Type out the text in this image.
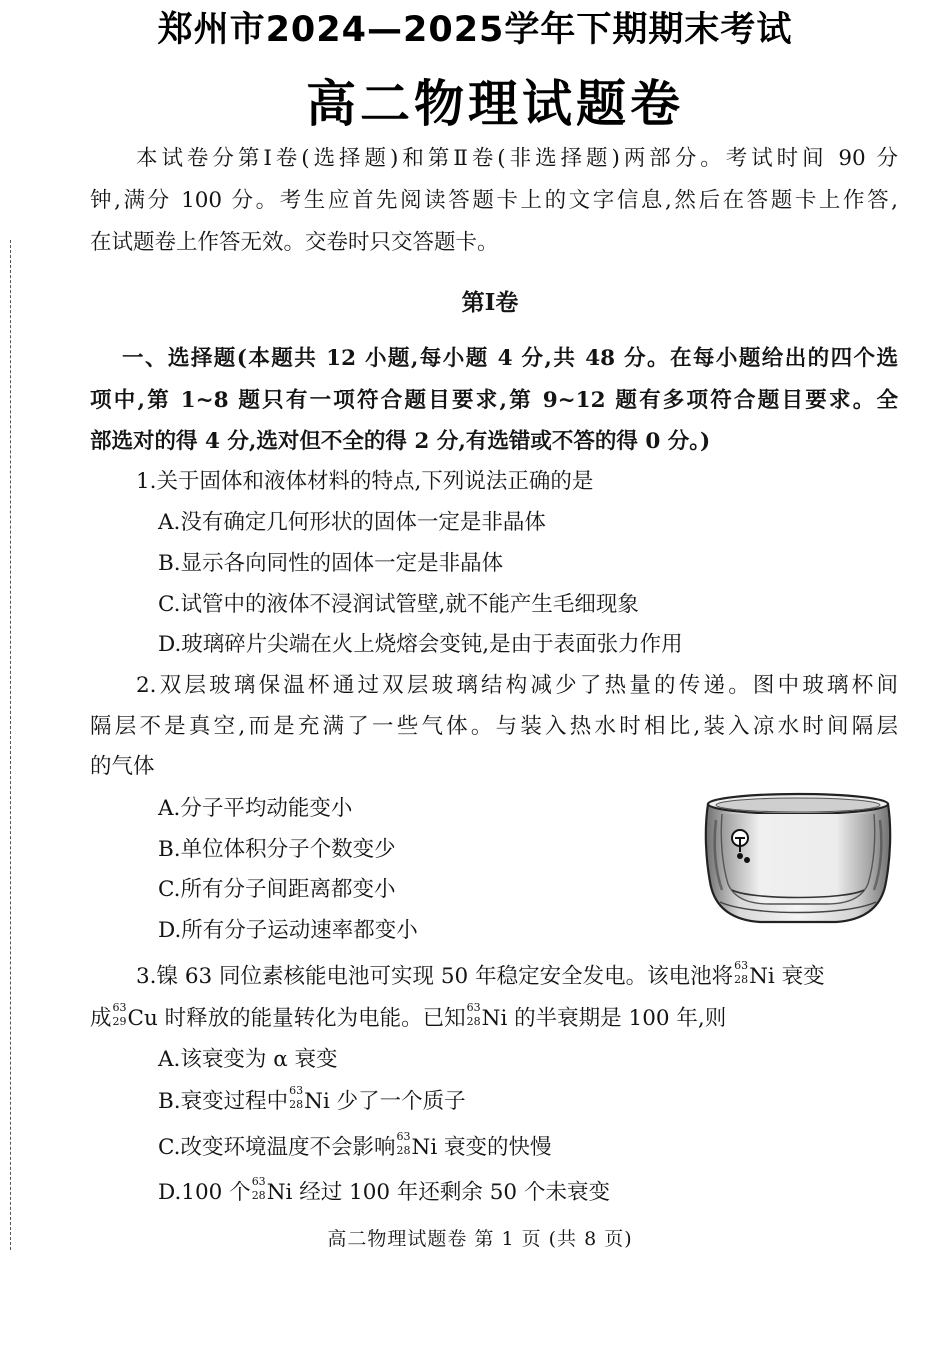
郑州市2024—2025学年下期期末考试
高二物理试题卷
本试卷分第Ⅰ卷(选择题)和第Ⅱ卷(非选择题)两部分。考试时间 90 分
钟,满分 100 分。考生应首先阅读答题卡上的文字信息,然后在答题卡上作答,
在试题卷上作答无效。交卷时只交答题卡。
第Ⅰ卷
一、选择题(本题共 12 小题,每小题 4 分,共 48 分。在每小题给出的四个选
项中,第 1~8 题只有一项符合题目要求,第 9~12 题有多项符合题目要求。全
部选对的得 4 分,选对但不全的得 2 分,有选错或不答的得 0 分。)
1.关于固体和液体材料的特点,下列说法正确的是
A.没有确定几何形状的固体一定是非晶体
B.显示各向同性的固体一定是非晶体
C.试管中的液体不浸润试管壁,就不能产生毛细现象
D.玻璃碎片尖端在火上烧熔会变钝,是由于表面张力作用
2.双层玻璃保温杯通过双层玻璃结构减少了热量的传递。图中玻璃杯间
隔层不是真空,而是充满了一些气体。与装入热水时相比,装入凉水时间隔层
的气体
A.分子平均动能变小
B.单位体积分子个数变少
C.所有分子间距离都变小
D.所有分子运动速率都变小
3.镍 63 同位素核能电池可实现 50 年稳定安全发电。该电池将 63
28 Ni 衰变
成 63
29 Cu 时释放的能量转化为电能。已知 63
28 Ni 的半衰期是 100 年,则
A.该衰变为 α 衰变
B.衰变过程中 63
28 Ni 少了一个质子
C.改变环境温度不会影响 63
28 Ni 衰变的快慢
D.100 个 63
28 Ni 经过 100 年还剩余 50 个未衰变
高二物理试题卷 第 1 页 (共 8 页)
